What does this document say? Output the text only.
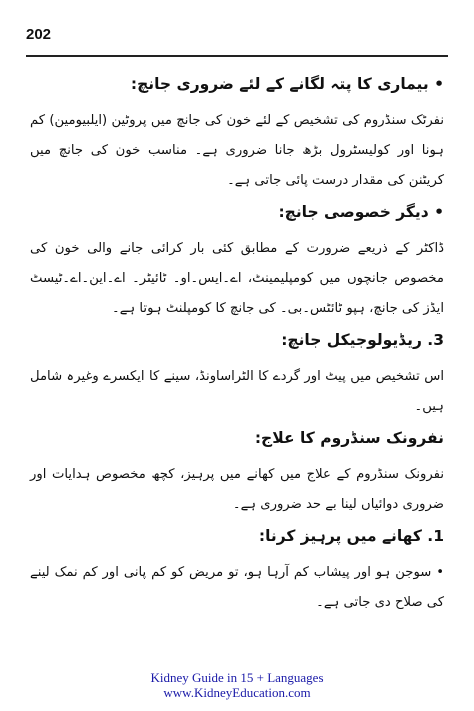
202
• بیماری کا پتہ لگانے کے لئے ضروری جانچ:

نفرٹک سنڈروم کی تشخیص کے لئے خون کی جانچ میں پروٹین (ایلبیومین) کم ہونا اور کولیسٹرول بڑھ جانا ضروری ہے۔ مناسب خون کی جانچ میں کریٹنن کی مقدار درست پائی جاتی ہے۔

• دیگر خصوصی جانچ:

ڈاکٹر کے ذریعے ضرورت کے مطابق کئی بار کرائی جانے والی خون کی مخصوص جانچوں میں کومپلیمینٹ، اے۔ایس۔او۔ ٹائیٹر۔ اے۔این۔اے۔ٹیسٹ ایڈز کی جانچ، ہپو ٹائٹس۔بی۔ کی جانچ کا کومپلنٹ ہوتا ہے۔

3. ریڈیولوجیکل جانچ:

اس تشخیص میں پیٹ اور گردے کا الٹراساونڈ، سینے کا ایکسرے وغیرہ شامل ہیں۔

نفرونک سنڈروم کا علاج:

نفرونک سنڈروم کے علاج میں کھانے میں پرہیز، کچھ مخصوص ہدایات اور ضروری دوائیاں لینا بے حد ضروری ہے۔

1. کھانے میں پرہیز کرنا:

• سوجن ہو اور پیشاب کم آرہا ہو، تو مریض کو کم پانی اور کم نمک لینے کی صلاح دی جاتی ہے۔

Kidney Guide in 15 + Languages
www.KidneyEducation.com
